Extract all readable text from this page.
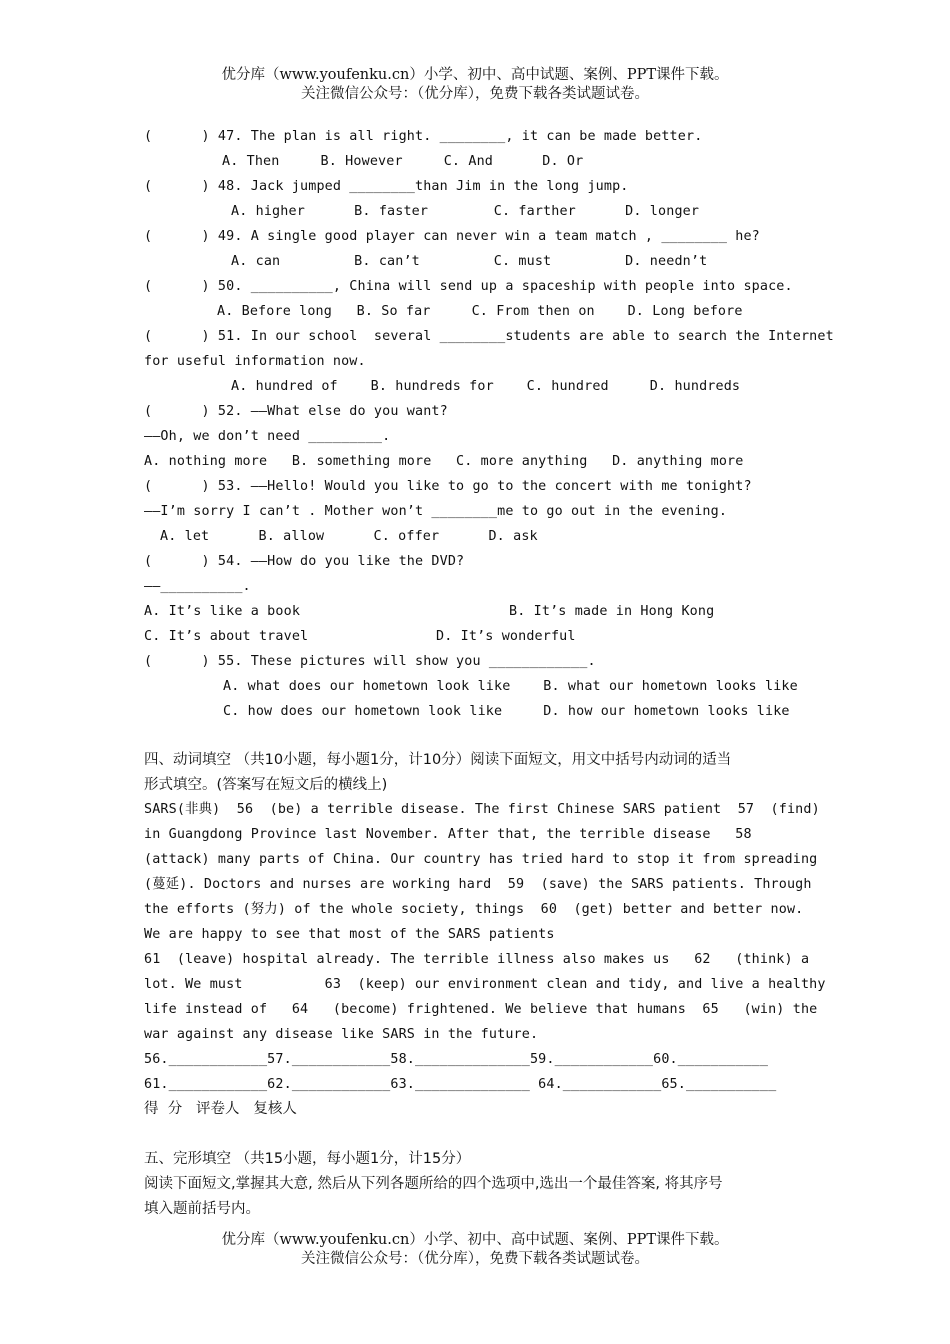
优分库（www.youfenku.cn）小学、初中、高中试题、案例、PPT课件下载。
关注微信公众号：（优分库），免费下载各类试题试卷。
(      ) 47. The plan is all right. ________, it can be made better.
A. Then     B. However     C. And      D. Or
(      ) 48. Jack jumped ________than Jim in the long jump.
A. higher      B. faster        C. farther      D. longer
(      ) 49. A single good player can never win a team match , ________ he?
A. can         B. can’t         C. must         D. needn’t
(      ) 50. __________, China will send up a spaceship with people into space.
A. Before long   B. So far     C. From then on    D. Long before
(      ) 51. In our school  several ________students are able to search the Internet
for useful information now.
A. hundred of    B. hundreds for    C. hundred     D. hundreds
(      ) 52. ——What else do you want?
——Oh, we don’t need _________.
A. nothing more   B. something more   C. more anything   D. anything more
(      ) 53. ——Hello! Would you like to go to the concert with me tonight?
——I’m sorry I can’t . Mother won’t ________me to go out in the evening.
A. let      B. allow      C. offer      D. ask
(      ) 54. ——How do you like the DVD?
——__________.
A. It’s like a book	B. It’s made in Hong Kong
C. It’s about travel	D. It’s wonderful
(      ) 55. These pictures will show you ____________.
A. what does our hometown look like    B. what our hometown looks like
C. how does our hometown look like     D. how our hometown looks like
四、动词填空 （共10小题，每小题1分，计10分）阅读下面短文，用文中括号内动词的适当
形式填空。(答案写在短文后的横线上)
SARS(非典)  56  (be) a terrible disease. The first Chinese SARS patient  57  (find)
in Guangdong Province last November. After that, the terrible disease   58
(attack) many parts of China. Our country has tried hard to stop it from spreading
(蔓延). Doctors and nurses are working hard  59  (save) the SARS patients. Through
the efforts (努力) of the whole society, things  60  (get) better and better now.
We are happy to see that most of the SARS patients
61  (leave) hospital already. The terrible illness also makes us   62   (think) a
lot. We must          63  (keep) our environment clean and tidy, and live a healthy
life instead of   64   (become) frightened. We believe that humans  65   (win) the
war against any disease like SARS in the future.
56.____________57.____________58.______________59.____________60.___________
61.____________62.____________63.______________ 64.____________65.___________
得  分   评卷人   复核人
五、完形填空 （共15小题，每小题1分，计15分）
阅读下面短文,掌握其大意, 然后从下列各题所给的四个选项中,选出一个最佳答案, 将其序号
填入题前括号内。
优分库（www.youfenku.cn）小学、初中、高中试题、案例、PPT课件下载。
关注微信公众号：（优分库），免费下载各类试题试卷。
